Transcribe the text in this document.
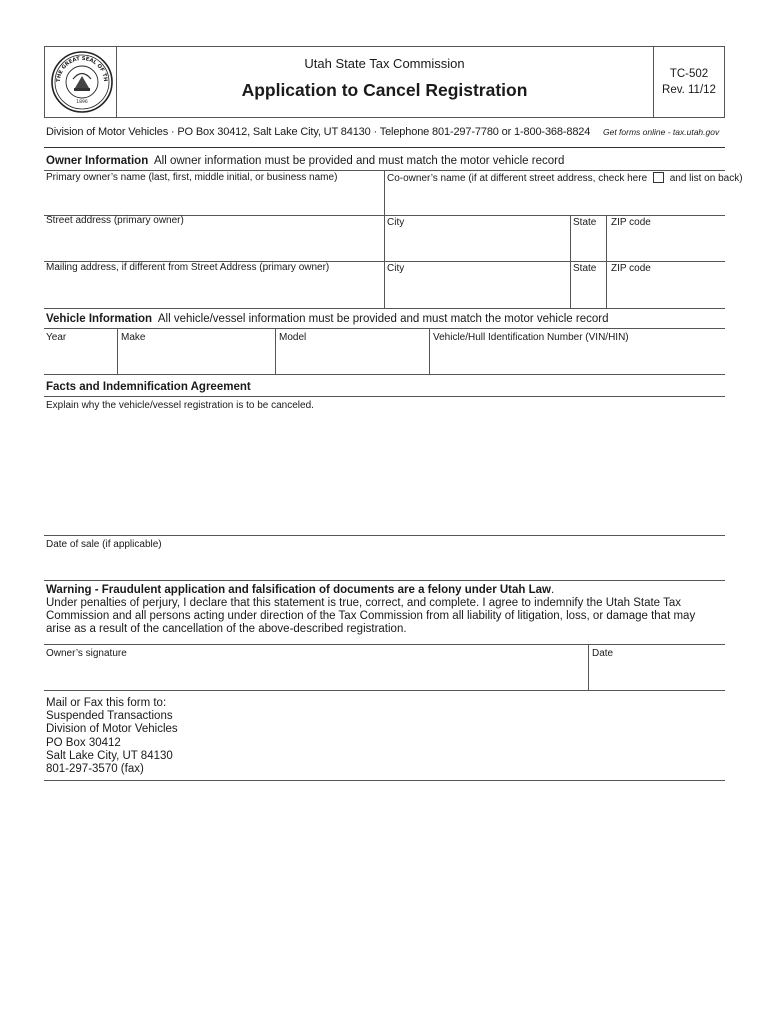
THE GREAT SEAL OF TH
1896
Utah State Tax Commission
Application to Cancel Registration
TC-502
Rev. 11/12
Division of Motor Vehicles · PO Box 30412, Salt Lake City, UT 84130 · Telephone 801-297-7780 or 1-800-368-8824 Get forms online - tax.utah.gov
Owner Information All owner information must be provided and must match the motor vehicle record
Primary owner’s name (last, first, middle initial, or business name)	Co-owner’s name (if at different street address, check here and list on back)
Street address (primary owner)	City	State ZIP code
Mailing address, if different from Street Address (primary owner)	City	State ZIP code
Vehicle Information All vehicle/vessel information must be provided and must match the motor vehicle record
Year	Make	Model	Vehicle/Hull Identification Number (VIN/HIN)
Facts and Indemnification Agreement
Explain why the vehicle/vessel registration is to be canceled.
Date of sale (if applicable)
Warning - Fraudulent application and falsification of documents are a felony under Utah Law.
Under penalties of perjury, I declare that this statement is true, correct, and complete. I agree to indemnify the Utah State Tax
Commission and all persons acting under direction of the Tax Commission from all liability of litigation, loss, or damage that may
arise as a result of the cancellation of the above-described registration.
Owner’s signature	Date
Mail or Fax this form to:
Suspended Transactions
Division of Motor Vehicles
PO Box 30412
Salt Lake City, UT 84130
801-297-3570 (fax)
